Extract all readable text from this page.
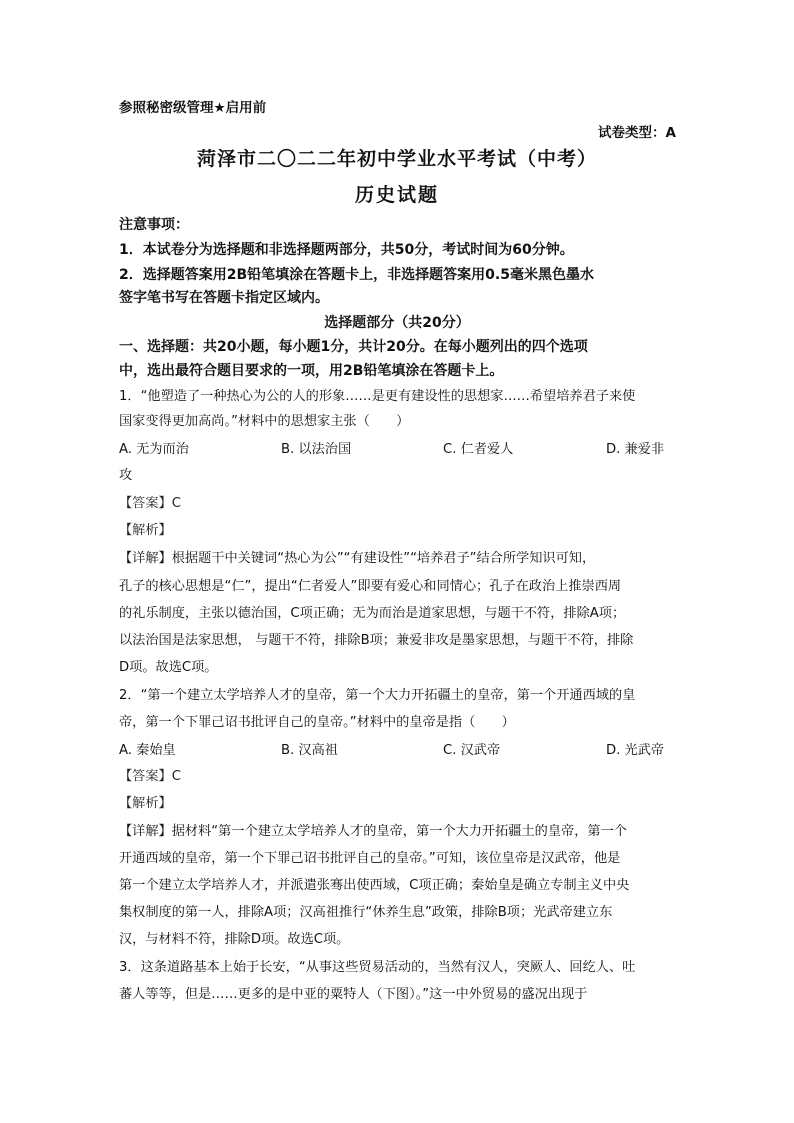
参照秘密级管理★启用前
试卷类型：A
菏泽市二〇二二年初中学业水平考试（中考）
历史试题
注意事项：
1．本试卷分为选择题和非选择题两部分，共50分，考试时间为60分钟。
2．选择题答案用2B铅笔填涂在答题卡上，非选择题答案用0.5毫米黑色墨水
签字笔书写在答题卡指定区域内。
选择题部分（共20分）
一、选择题：共20小题，每小题1分，共计20分。在每小题列出的四个选项
中，选出最符合题目要求的一项，用2B铅笔填涂在答题卡上。
1．“他塑造了一种热心为公的人的形象……是更有建设性的思想家……希望培养君子来使
国家变得更加高尚。”材料中的思想家主张（　　）
A. 无为而治	B. 以法治国	C. 仁者爱人	D. 兼爱非
攻
【答案】C
【解析】
【详解】根据题干中关键词“热心为公”“有建设性”“培养君子”结合所学知识可知，
孔子的核心思想是“仁”，提出“仁者爱人”即要有爱心和同情心；孔子在政治上推崇西周
的礼乐制度，主张以德治国，C项正确；无为而治是道家思想，与题干不符，排除A项；
以法治国是法家思想， 与题干不符，排除B项；兼爱非攻是墨家思想，与题干不符，排除
D项。故选C项。
2．“第一个建立太学培养人才的皇帝，第一个大力开拓疆土的皇帝，第一个开通西域的皇
帝，第一个下罪己诏书批评自己的皇帝。”材料中的皇帝是指（　　）
A. 秦始皇	B. 汉高祖	C. 汉武帝	D. 光武帝
【答案】C
【解析】
【详解】据材料“第一个建立太学培养人才的皇帝，第一个大力开拓疆土的皇帝，第一个
开通西域的皇帝，第一个下罪己诏书批评自己的皇帝。”可知，该位皇帝是汉武帝，他是
第一个建立太学培养人才，并派遣张骞出使西域，C项正确；秦始皇是确立专制主义中央
集权制度的第一人，排除A项；汉高祖推行“休养生息”政策，排除B项；光武帝建立东
汉，与材料不符，排除D项。故选C项。
3．这条道路基本上始于长安，“从事这些贸易活动的，当然有汉人，突厥人、回纥人、吐
蕃人等等，但是……更多的是中亚的粟特人（下图）。”这一中外贸易的盛况出现于
